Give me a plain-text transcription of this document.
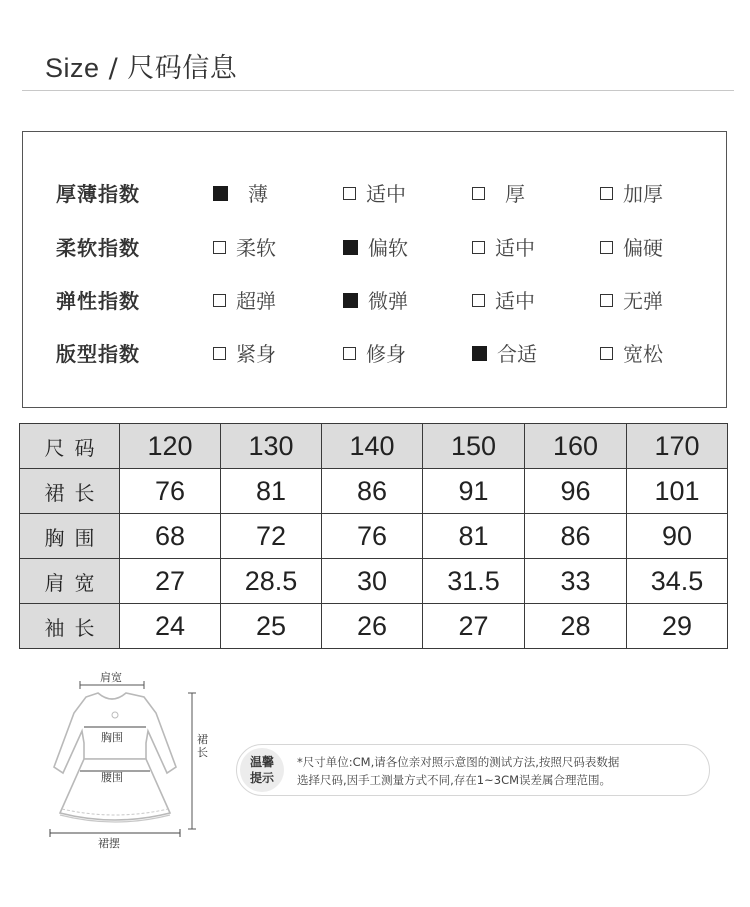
Size / 尺码信息
厚薄指数	薄	适中	厚	加厚
柔软指数	柔软	偏软	适中	偏硬
弹性指数	超弹	微弹	适中	无弹
版型指数	紧身	修身	合适	宽松
尺码	120	130	140	150	160	170
裙长	76	81	86	91	96	101
胸围	68	72	76	81	86	90
肩宽	27	28.5	30	31.5	33	34.5
袖长	24	25	26	27	28	29
肩宽
胸围
腰围
裙摆
裙长
温馨
提示
*尺寸单位:CM,请各位亲对照示意图的测试方法,按照尺码表数据
选择尺码,因手工测量方式不同,存在1~3CM误差属合理范围。
